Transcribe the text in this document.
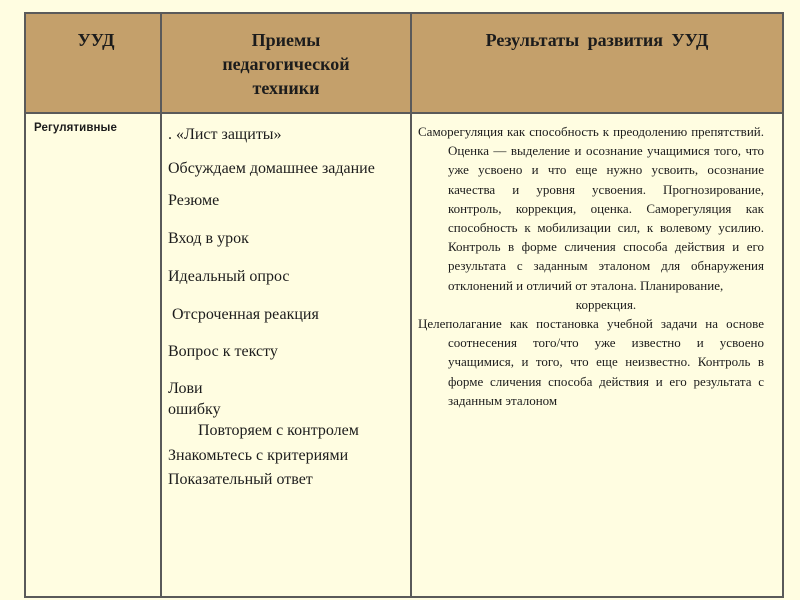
УУД	Приемы педагогической техники
Результаты развития УУД
Регулятивные	. «Лист защиты»
Обсуждаем домашнее задание
Резюме
Вход в урок
Идеальный опрос
Отсроченная реакция
Вопрос к тексту
Лови ошибку
Повторяем с контролем
Знакомьтесь с критериями
Показательный ответ

Саморегуляция как способность к преодолению препятствий. Оценка — выделение и осознание учащимися того, что уже усвоено и что еще нужно усвоить, осознание качества и уровня усвоения. Прогнозирование, контроль, коррекция, оценка. Саморегуляция как способность к мобилизации сил, к волевому усилию. Контроль в форме сличения способа действия и его результата с заданным эталоном для обнаружения отклонений и отличий от эталона. Планирование,
коррекция.

Целеполагание как постановка учебной задачи на основе соотнесения того/что уже известно и усвоено учащимися, и того, что еще неизвестно. Контроль в форме сличения способа действия и его результата с заданным эталоном
